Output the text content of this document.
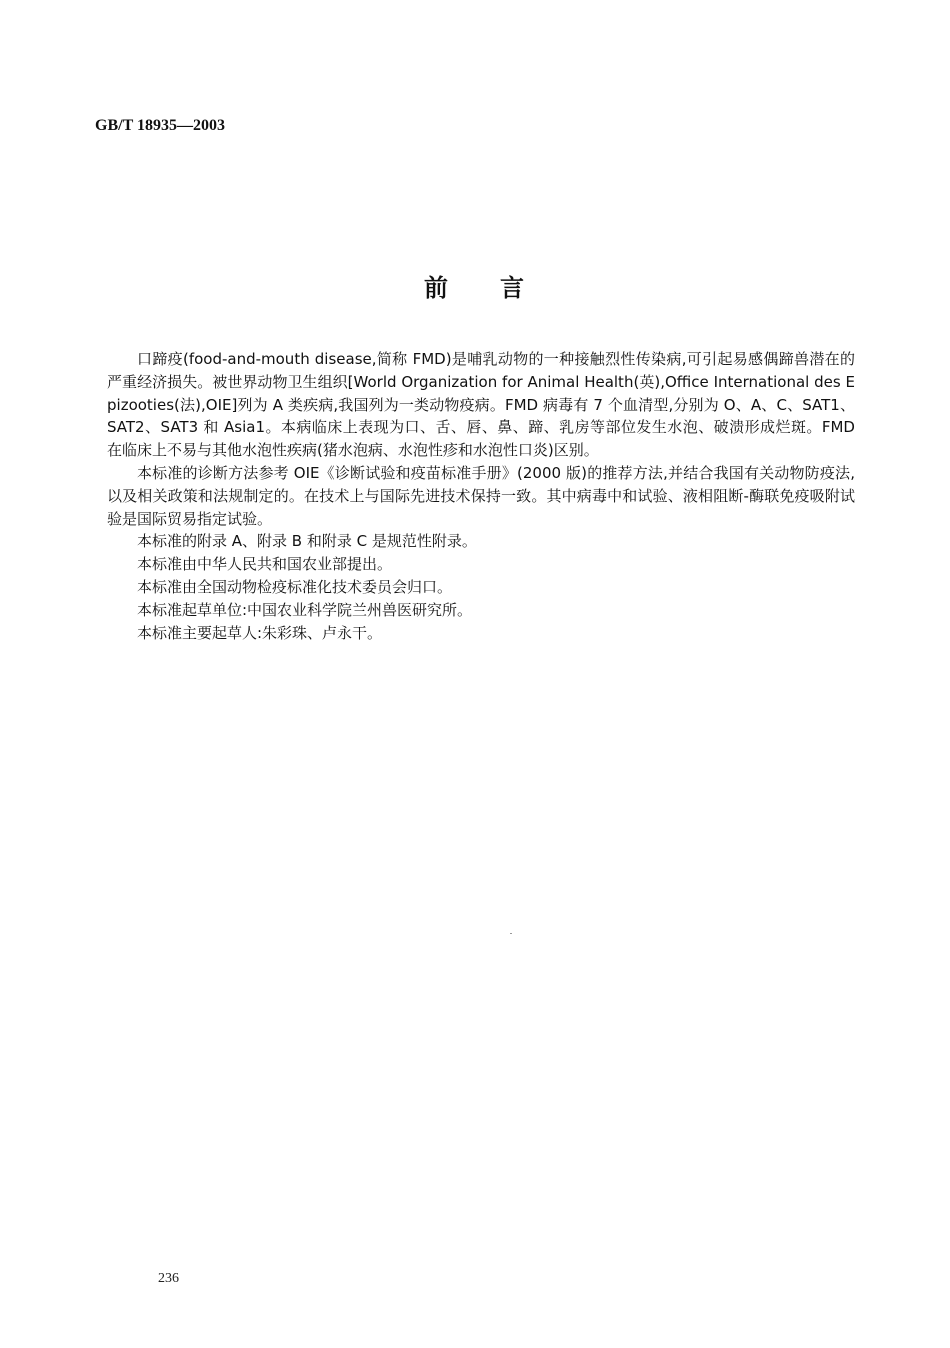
GB/T 18935—2003
前 言

口蹄疫(food-and-mouth disease,简称 FMD)是哺乳动物的一种接触烈性传染病,可引起易感偶蹄兽潜在的严重经济损失。被世界动物卫生组织[World Organization for Animal Health(英),Office International des Epizooties(法),OIE]列为 A 类疾病,我国列为一类动物疫病。FMD 病毒有 7 个血清型,分别为 O、A、C、SAT1、SAT2、SAT3 和 Asia1。本病临床上表现为口、舌、唇、鼻、蹄、乳房等部位发生水泡、破溃形成烂斑。FMD 在临床上不易与其他水泡性疾病(猪水泡病、水泡性疹和水泡性口炎)区别。

本标准的诊断方法参考 OIE《诊断试验和疫苗标准手册》(2000 版)的推荐方法,并结合我国有关动物防疫法,以及相关政策和法规制定的。在技术上与国际先进技术保持一致。其中病毒中和试验、液相阻断-酶联免疫吸附试验是国际贸易指定试验。

本标准的附录 A、附录 B 和附录 C 是规范性附录。

本标准由中华人民共和国农业部提出。

本标准由全国动物检疫标准化技术委员会归口。

本标准起草单位:中国农业科学院兰州兽医研究所。

本标准主要起草人:朱彩珠、卢永干。

236
